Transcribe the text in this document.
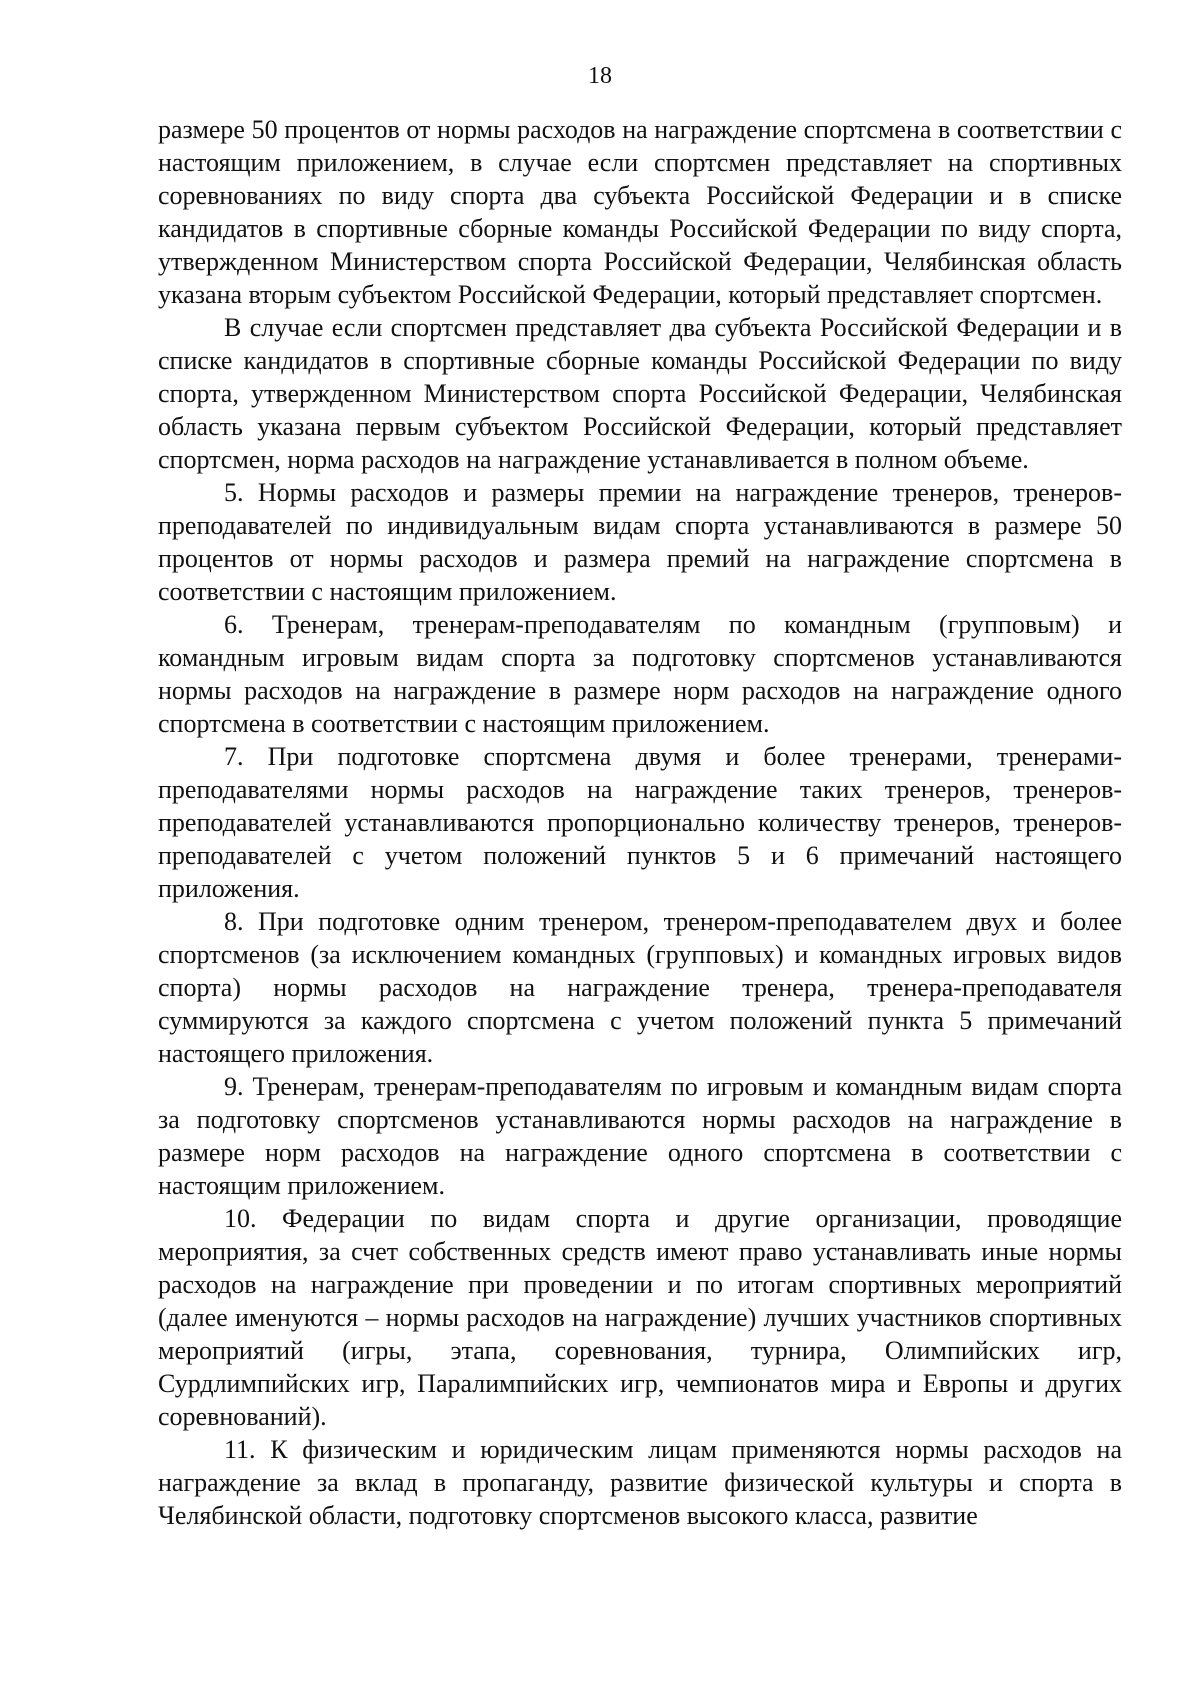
18

размере 50 процентов от нормы расходов на награждение спортсмена в соответствии с настоящим приложением, в случае если спортсмен представляет на спортивных соревнованиях по виду спорта два субъекта Российской Федерации и в списке кандидатов в спортивные сборные команды Российской Федерации по виду спорта, утвержденном Министерством спорта Российской Федерации, Челябинская область указана вторым субъектом Российской Федерации, который представляет спортсмен.

В случае если спортсмен представляет два субъекта Российской Федерации и в списке кандидатов в спортивные сборные команды Российской Федерации по виду спорта, утвержденном Министерством спорта Российской Федерации, Челябинская область указана первым субъектом Российской Федерации, который представляет спортсмен, норма расходов на награждение устанавливается в полном объеме.

5. Нормы расходов и размеры премии на награждение тренеров, тренеров-преподавателей по индивидуальным видам спорта устанавливаются в размере 50 процентов от нормы расходов и размера премий на награждение спортсмена в соответствии с настоящим приложением.

6. Тренерам, тренерам-преподавателям по командным (групповым) и командным игровым видам спорта за подготовку спортсменов устанавливаются нормы расходов на награждение в размере норм расходов на награждение одного спортсмена в соответствии с настоящим приложением.

7. При подготовке спортсмена двумя и более тренерами, тренерами-преподавателями нормы расходов на награждение таких тренеров, тренеров-преподавателей устанавливаются пропорционально количеству тренеров, тренеров-преподавателей с учетом положений пунктов 5 и 6 примечаний настоящего приложения.

8. При подготовке одним тренером, тренером-преподавателем двух и более спортсменов (за исключением командных (групповых) и командных игровых видов спорта) нормы расходов на награждение тренера, тренера-преподавателя суммируются за каждого спортсмена с учетом положений пункта 5 примечаний настоящего приложения.

9. Тренерам, тренерам-преподавателям по игровым и командным видам спорта за подготовку спортсменов устанавливаются нормы расходов на награждение в размере норм расходов на награждение одного спортсмена в соответствии с настоящим приложением.

10. Федерации по видам спорта и другие организации, проводящие мероприятия, за счет собственных средств имеют право устанавливать иные нормы расходов на награждение при проведении и по итогам спортивных мероприятий (далее именуются – нормы расходов на награждение) лучших участников спортивных мероприятий (игры, этапа, соревнования, турнира, Олимпийских игр, Сурдлимпийских игр, Паралимпийских игр, чемпионатов мира и Европы и других соревнований).

11. К физическим и юридическим лицам применяются нормы расходов на награждение за вклад в пропаганду, развитие физической культуры и спорта в Челябинской области, подготовку спортсменов высокого класса, развитие
